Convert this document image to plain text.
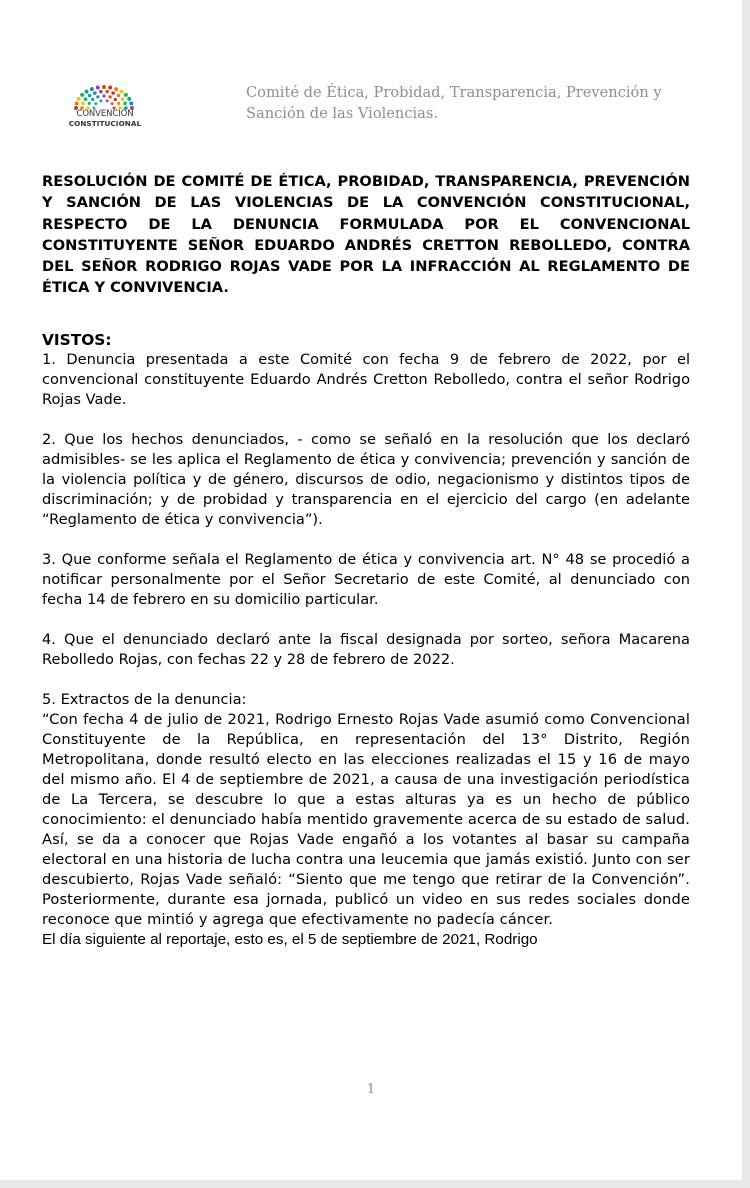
CONVENCIÓN
CONSTITUCIONAL
Comité de Ética, Probidad, Transparencia, Prevención y
Sanción de las Violencias.
RESOLUCIÓN DE COMITÉ DE ÉTICA, PROBIDAD, TRANSPARENCIA, PREVENCIÓN Y SANCIÓN DE LAS VIOLENCIAS DE LA CONVENCIÓN CONSTITUCIONAL, RESPECTO DE LA DENUNCIA FORMULADA POR EL CONVENCIONAL CONSTITUYENTE SEÑOR EDUARDO ANDRÉS CRETTON REBOLLEDO, CONTRA DEL SEÑOR RODRIGO ROJAS VADE POR LA INFRACCIÓN AL REGLAMENTO DE ÉTICA Y CONVIVENCIA.

VISTOS:

1. Denuncia presentada a este Comité con fecha 9 de febrero de 2022, por el convencional constituyente Eduardo Andrés Cretton Rebolledo, contra el señor Rodrigo Rojas Vade.

2. Que los hechos denunciados, - como se señaló en la resolución que los declaró admisibles- se les aplica el Reglamento de ética y convivencia; prevención y sanción de la violencia política y de género, discursos de odio, negacionismo y distintos tipos de discriminación; y de probidad y transparencia en el ejercicio del cargo (en adelante “Reglamento de ética y convivencia”).

3. Que conforme señala el Reglamento de ética y convivencia art. N° 48 se procedió a notificar personalmente por el Señor Secretario de este Comité, al denunciado con fecha 14 de febrero en su domicilio particular.

4. Que el denunciado declaró ante la fiscal designada por sorteo, señora Macarena Rebolledo Rojas, con fechas 22 y 28 de febrero de 2022.

5. Extractos de la denuncia:

“Con fecha 4 de julio de 2021, Rodrigo Ernesto Rojas Vade asumió como Convencional Constituyente de la República, en representación del 13° Distrito, Región Metropolitana, donde resultó electo en las elecciones realizadas el 15 y 16 de mayo del mismo año. El 4 de septiembre de 2021, a causa de una investigación periodística de La Tercera, se descubre lo que a estas alturas ya es un hecho de público conocimiento: el denunciado había mentido gravemente acerca de su estado de salud. Así, se da a conocer que Rojas Vade engañó a los votantes al basar su campaña electoral en una historia de lucha contra una leucemia que jamás existió. Junto con ser descubierto, Rojas Vade señaló: “Siento que me tengo que retirar de la Convención”. Posteriormente, durante esa jornada, publicó un video en sus redes sociales donde reconoce que mintió y agrega que efectivamente no padecía cáncer.

El día siguiente al reportaje, esto es, el 5 de septiembre de 2021, Rodrigo

1
